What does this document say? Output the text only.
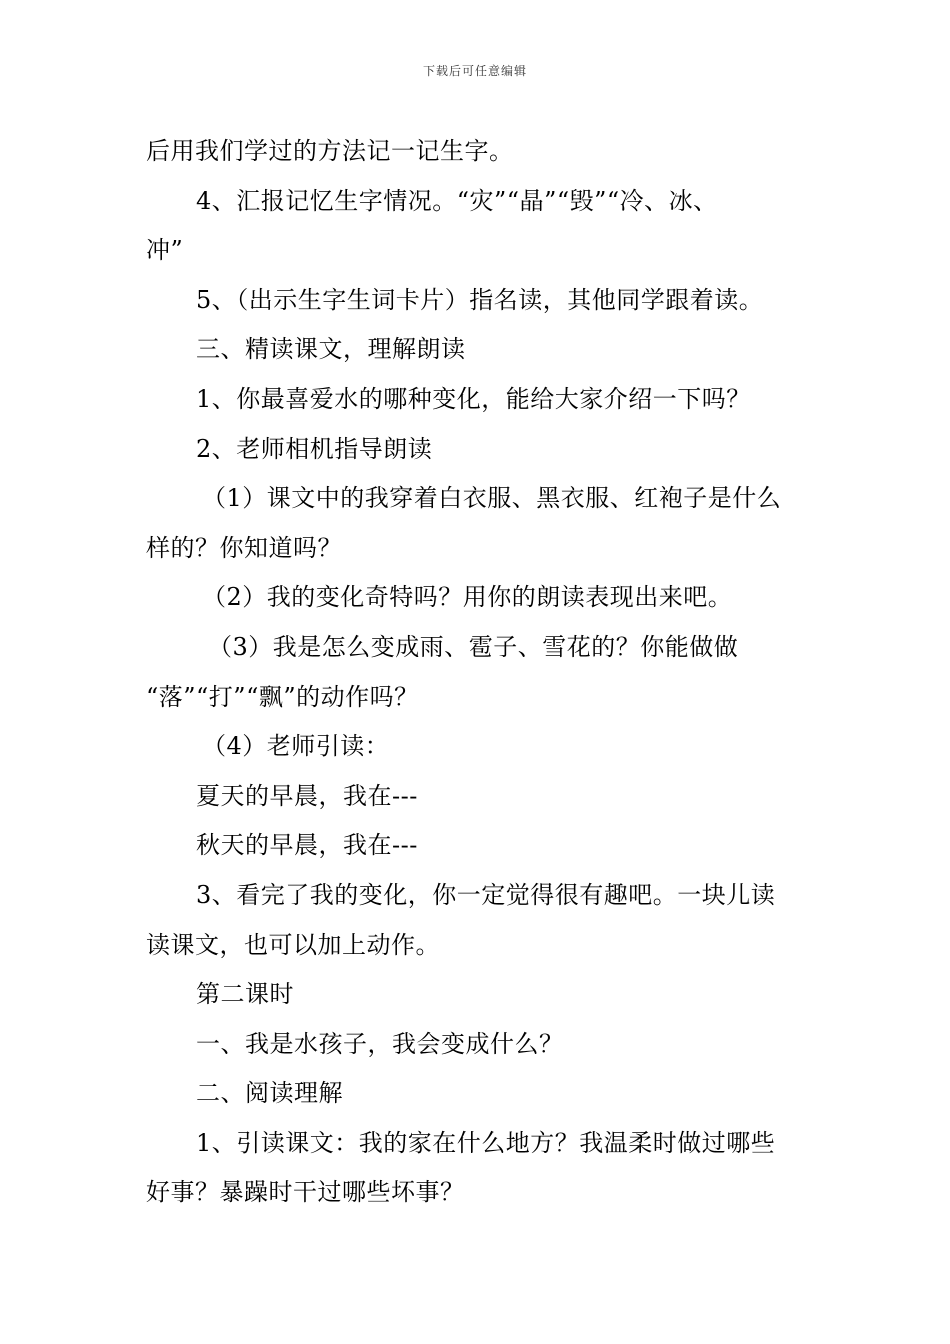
下载后可任意编辑
后用我们学过的方法记一记生字。
4、汇报记忆生字情况。“灾”“晶”“毁”“冷、冰、
冲”
5、（出示生字生词卡片）指名读，其他同学跟着读。
三、精读课文，理解朗读
1、你最喜爱水的哪种变化，能给大家介绍一下吗？
2、老师相机指导朗读
（1）课文中的我穿着白衣服、黑衣服、红袍子是什么
样的？你知道吗？
（2）我的变化奇特吗？用你的朗读表现出来吧。
（3）我是怎么变成雨、雹子、雪花的？你能做做
“落”“打”“飘”的动作吗？
（4）老师引读：
夏天的早晨，我在---
秋天的早晨，我在---
3、看完了我的变化，你一定觉得很有趣吧。一块儿读
读课文，也可以加上动作。
第二课时
一、我是水孩子，我会变成什么？
二、阅读理解
1、引读课文：我的家在什么地方？我温柔时做过哪些
好事？暴躁时干过哪些坏事？
